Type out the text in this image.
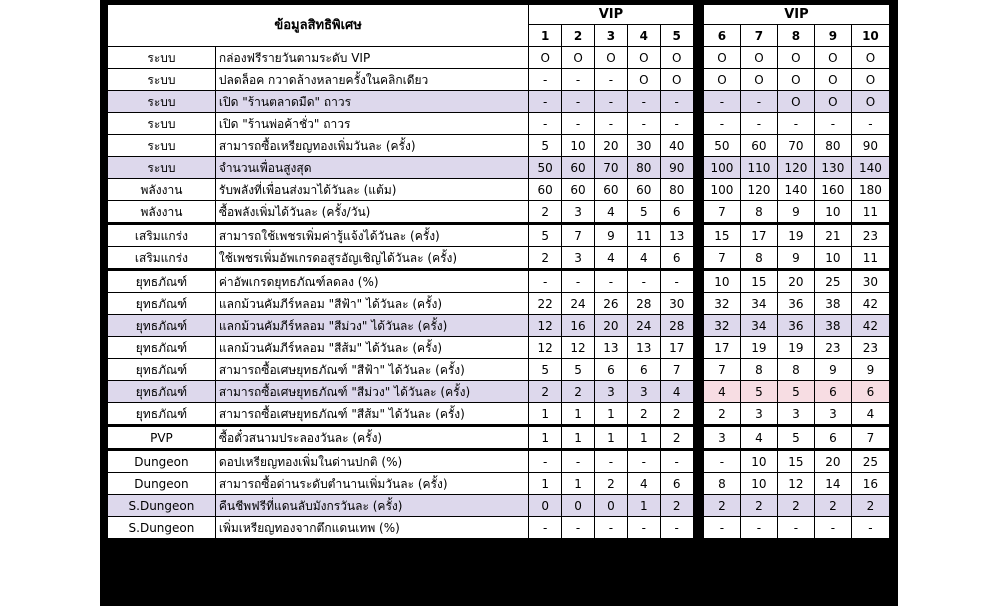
ข้อมูลสิทธิพิเศษ		VIP						VIP				
		1	2	3	4	5		6	7	8	9	10
ระบบ	กล่องฟรีรายวันตามระดับ VIP	O	O	O	O	O		O	O	O	O	O
ระบบ	ปลดล็อค กวาดล้างหลายครั้งในคลิกเดียว	-	-	-	O	O		O	O	O	O	O
ระบบ	เปิด "ร้านตลาดมืด" ถาวร	-	-	-	-	-		-	-	O	O	O
ระบบ	เปิด "ร้านพ่อค้าชั่ว" ถาวร	-	-	-	-	-		-	-	-	-	-
ระบบ	สามารถซื้อเหรียญทองเพิ่มวันละ (ครั้ง)	5	10	20	30	40		50	60	70	80	90
ระบบ	จำนวนเพื่อนสูงสุด	50	60	70	80	90		100	110	120	130	140
พลังงาน	รับพลังที่เพื่อนส่งมาได้วันละ (แต้ม)	60	60	60	60	80		100	120	140	160	180
พลังงาน	ซื้อพลังเพิ่มได้วันละ (ครั้ง/วัน)	2	3	4	5	6		7	8	9	10	11
เสริมแกร่ง	สามารถใช้เพชรเพิ่มค่ารู้แจ้งได้วันละ (ครั้ง)	5	7	9	11	13		15	17	19	21	23
เสริมแกร่ง	ใช้เพชรเพิ่มอัพเกรดอสูรอัญเชิญได้วันละ (ครั้ง)	2	3	4	4	6		7	8	9	10	11
ยุทธภัณฑ์	ค่าอัพเกรดยุทธภัณฑ์ลดลง (%)	-	-	-	-	-		10	15	20	25	30
ยุทธภัณฑ์	แลกม้วนคัมภีร์หลอม "สีฟ้า" ได้วันละ (ครั้ง)	22	24	26	28	30		32	34	36	38	42
ยุทธภัณฑ์	แลกม้วนคัมภีร์หลอม "สีม่วง" ได้วันละ (ครั้ง)	12	16	20	24	28		32	34	36	38	42
ยุทธภัณฑ์	แลกม้วนคัมภีร์หลอม "สีส้ม" ได้วันละ (ครั้ง)	12	12	13	13	17		17	19	19	23	23
ยุทธภัณฑ์	สามารถซื้อเศษยุทธภัณฑ์ "สีฟ้า" ได้วันละ (ครั้ง)	5	5	6	6	7		7	8	8	9	9
ยุทธภัณฑ์	สามารถซื้อเศษยุทธภัณฑ์ "สีม่วง" ได้วันละ (ครั้ง)	2	2	3	3	4		4	5	5	6	6
ยุทธภัณฑ์	สามารถซื้อเศษยุทธภัณฑ์ "สีส้ม" ได้วันละ (ครั้ง)	1	1	1	2	2		2	3	3	3	4
PVP	ซื้อตั๋วสนามประลองวันละ (ครั้ง)	1	1	1	1	2		3	4	5	6	7
Dungeon	ดอปเหรียญทองเพิ่มในด่านปกติ (%)	-	-	-	-	-		-	10	15	20	25
Dungeon	สามารถซื้อด่านระดับตำนานเพิ่มวันละ (ครั้ง)	1	1	2	4	6		8	10	12	14	16
S.Dungeon	คืนชีพฟรีที่แดนลับมังกรวันละ (ครั้ง)	0	0	0	1	2		2	2	2	2	2
S.Dungeon	เพิ่มเหรียญทองจากตึกแดนเทพ (%)	-	-	-	-	-		-	-	-	-	-
